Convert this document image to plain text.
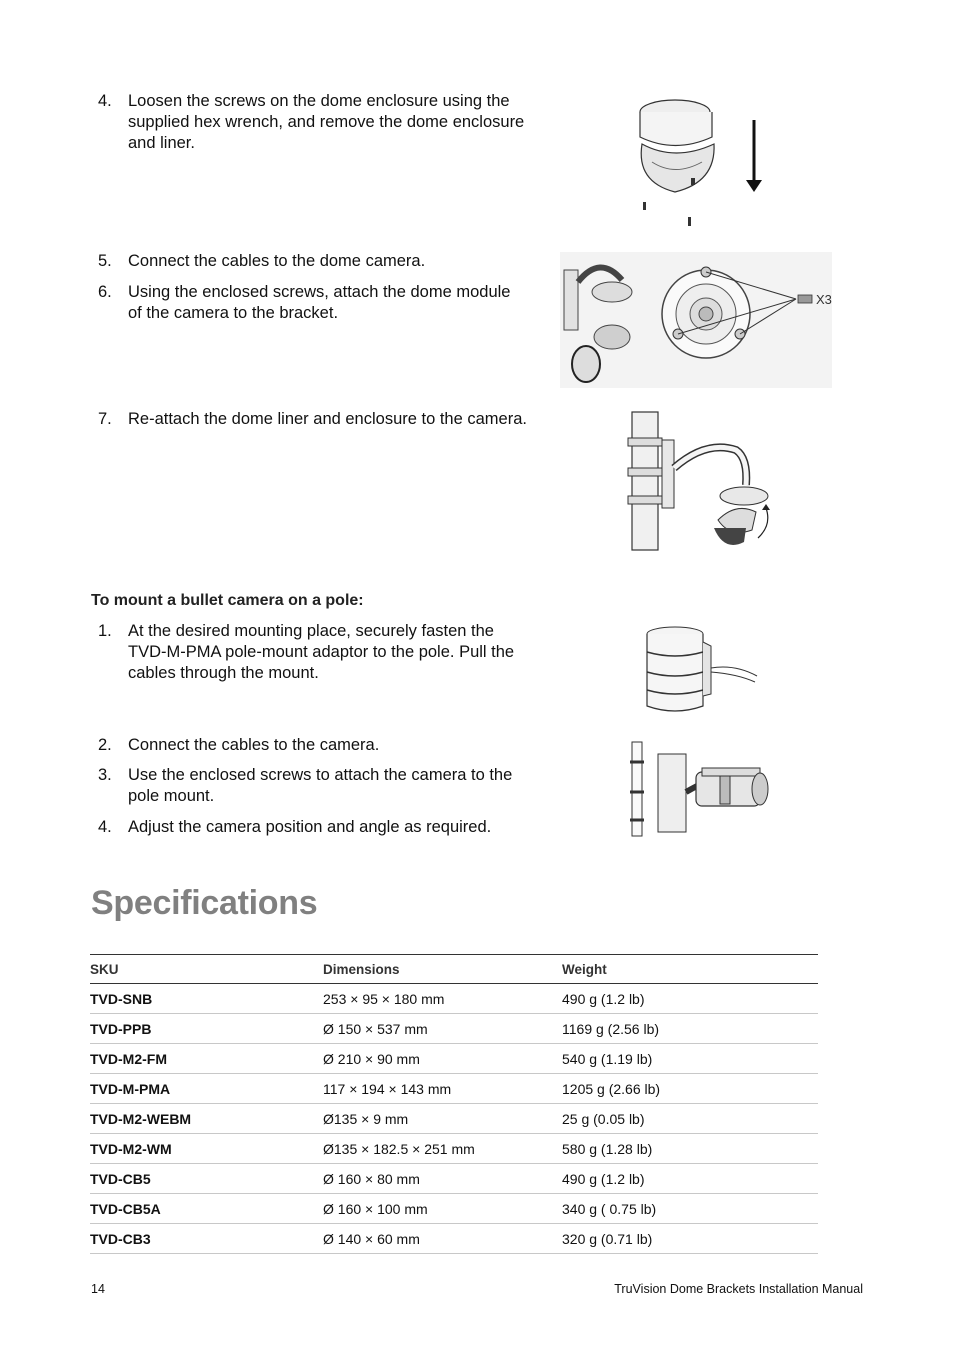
4. Loosen the screws on the dome enclosure using the supplied hex wrench, and remove the dome enclosure and liner.
5. Connect the cables to the dome camera.
6. Using the enclosed screws, attach the dome module of the camera to the bracket.
7. Re-attach the dome liner and enclosure to the camera.
X3
To mount a bullet camera on a pole:
1. At the desired mounting place, securely fasten the TVD-M-PMA pole-mount adaptor to the pole. Pull the cables through the mount.
2. Connect the cables to the camera.
3. Use the enclosed screws to attach the camera to the pole mount.
4. Adjust the camera position and angle as required.
Specifications
SKU	Dimensions	Weight
TVD-SNB	253 × 95 × 180 mm	490 g (1.2 lb)
TVD-PPB	Ø 150 × 537 mm	1169 g (2.56 lb)
TVD-M2-FM	Ø 210 × 90 mm	540 g (1.19 lb)
TVD-M-PMA	117 × 194 × 143 mm	1205 g (2.66 lb)
TVD-M2-WEBM	Ø135 × 9 mm	25 g (0.05 lb)
TVD-M2-WM	Ø135 × 182.5 × 251 mm	580 g (1.28 lb)
TVD-CB5	Ø 160 × 80 mm	490 g (1.2 lb)
TVD-CB5A	Ø 160 × 100 mm	340 g ( 0.75 lb)
TVD-CB3	Ø 140 × 60 mm	320 g (0.71 lb)
14	TruVision Dome Brackets Installation Manual
